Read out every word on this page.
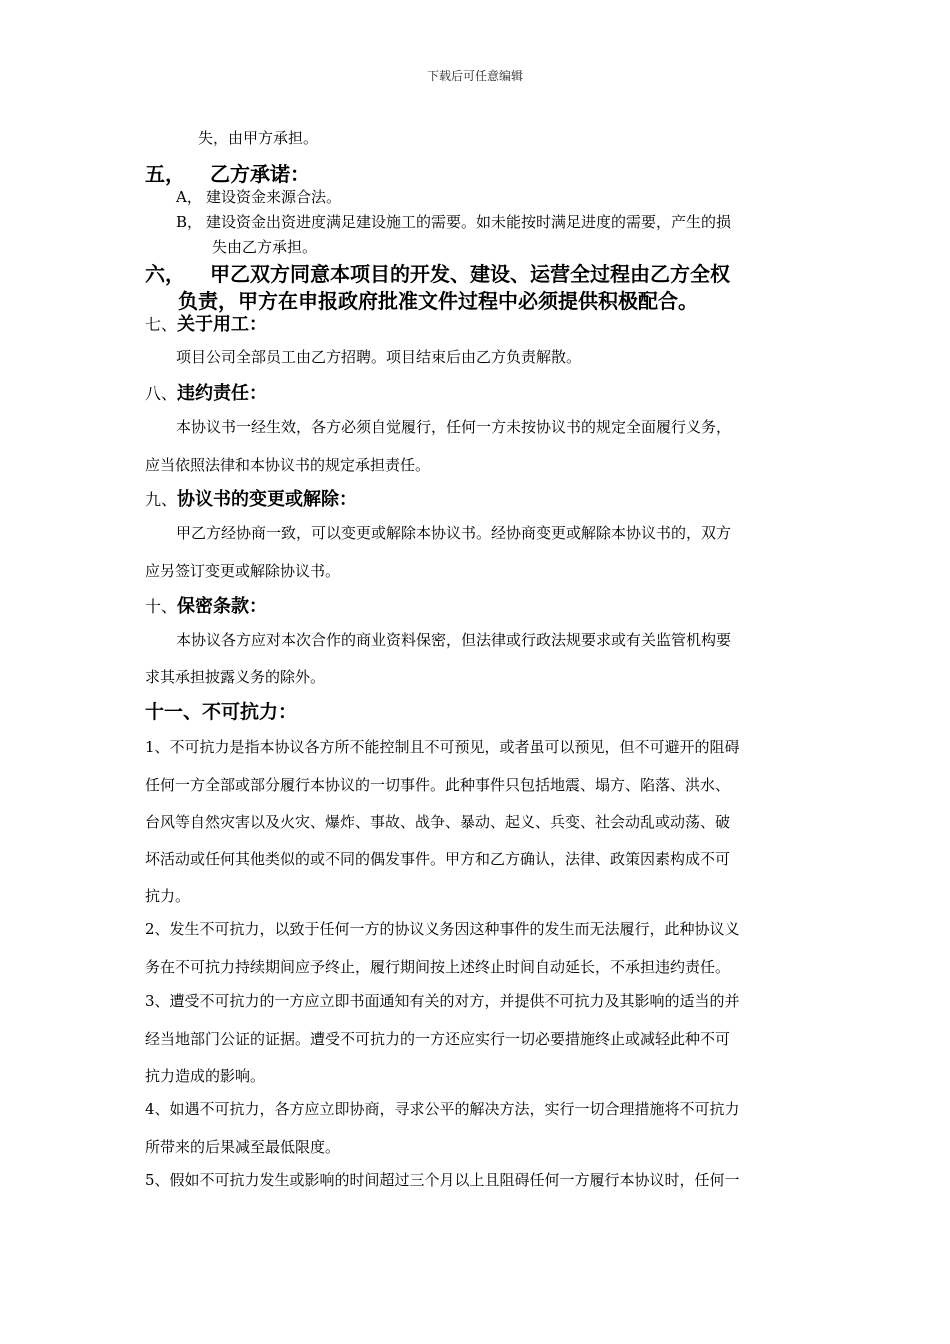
下载后可任意编辑
失，由甲方承担。
五， 乙方承诺：
A， 建设资金来源合法。
B， 建设资金出资进度满足建设施工的需要。如未能按时满足进度的需要，产生的损
失由乙方承担。
六， 甲乙双方同意本项目的开发、建设、运营全过程由乙方全权
负责，甲方在申报政府批准文件过程中必须提供积极配合。
七、关于用工：
项目公司全部员工由乙方招聘。项目结束后由乙方负责解散。
八、违约责任：
本协议书一经生效，各方必须自觉履行，任何一方未按协议书的规定全面履行义务，
应当依照法律和本协议书的规定承担责任。
九、协议书的变更或解除：
甲乙方经协商一致，可以变更或解除本协议书。经协商变更或解除本协议书的，双方
应另签订变更或解除协议书。
十、保密条款：
本协议各方应对本次合作的商业资料保密，但法律或行政法规要求或有关监管机构要
求其承担披露义务的除外。
十一、不可抗力：
1、不可抗力是指本协议各方所不能控制且不可预见，或者虽可以预见，但不可避开的阻碍
任何一方全部或部分履行本协议的一切事件。此种事件只包括地震、塌方、陷落、洪水、
台风等自然灾害以及火灾、爆炸、事故、战争、暴动、起义、兵变、社会动乱或动荡、破
坏活动或任何其他类似的或不同的偶发事件。甲方和乙方确认，法律、政策因素构成不可
抗力。
2、发生不可抗力，以致于任何一方的协议义务因这种事件的发生而无法履行，此种协议义
务在不可抗力持续期间应予终止，履行期间按上述终止时间自动延长，不承担违约责任。
3、遭受不可抗力的一方应立即书面通知有关的对方，并提供不可抗力及其影响的适当的并
经当地部门公证的证据。遭受不可抗力的一方还应实行一切必要措施终止或减轻此种不可
抗力造成的影响。
4、如遇不可抗力，各方应立即协商，寻求公平的解决方法，实行一切合理措施将不可抗力
所带来的后果减至最低限度。
5、假如不可抗力发生或影响的时间超过三个月以上且阻碍任何一方履行本协议时，任何一
